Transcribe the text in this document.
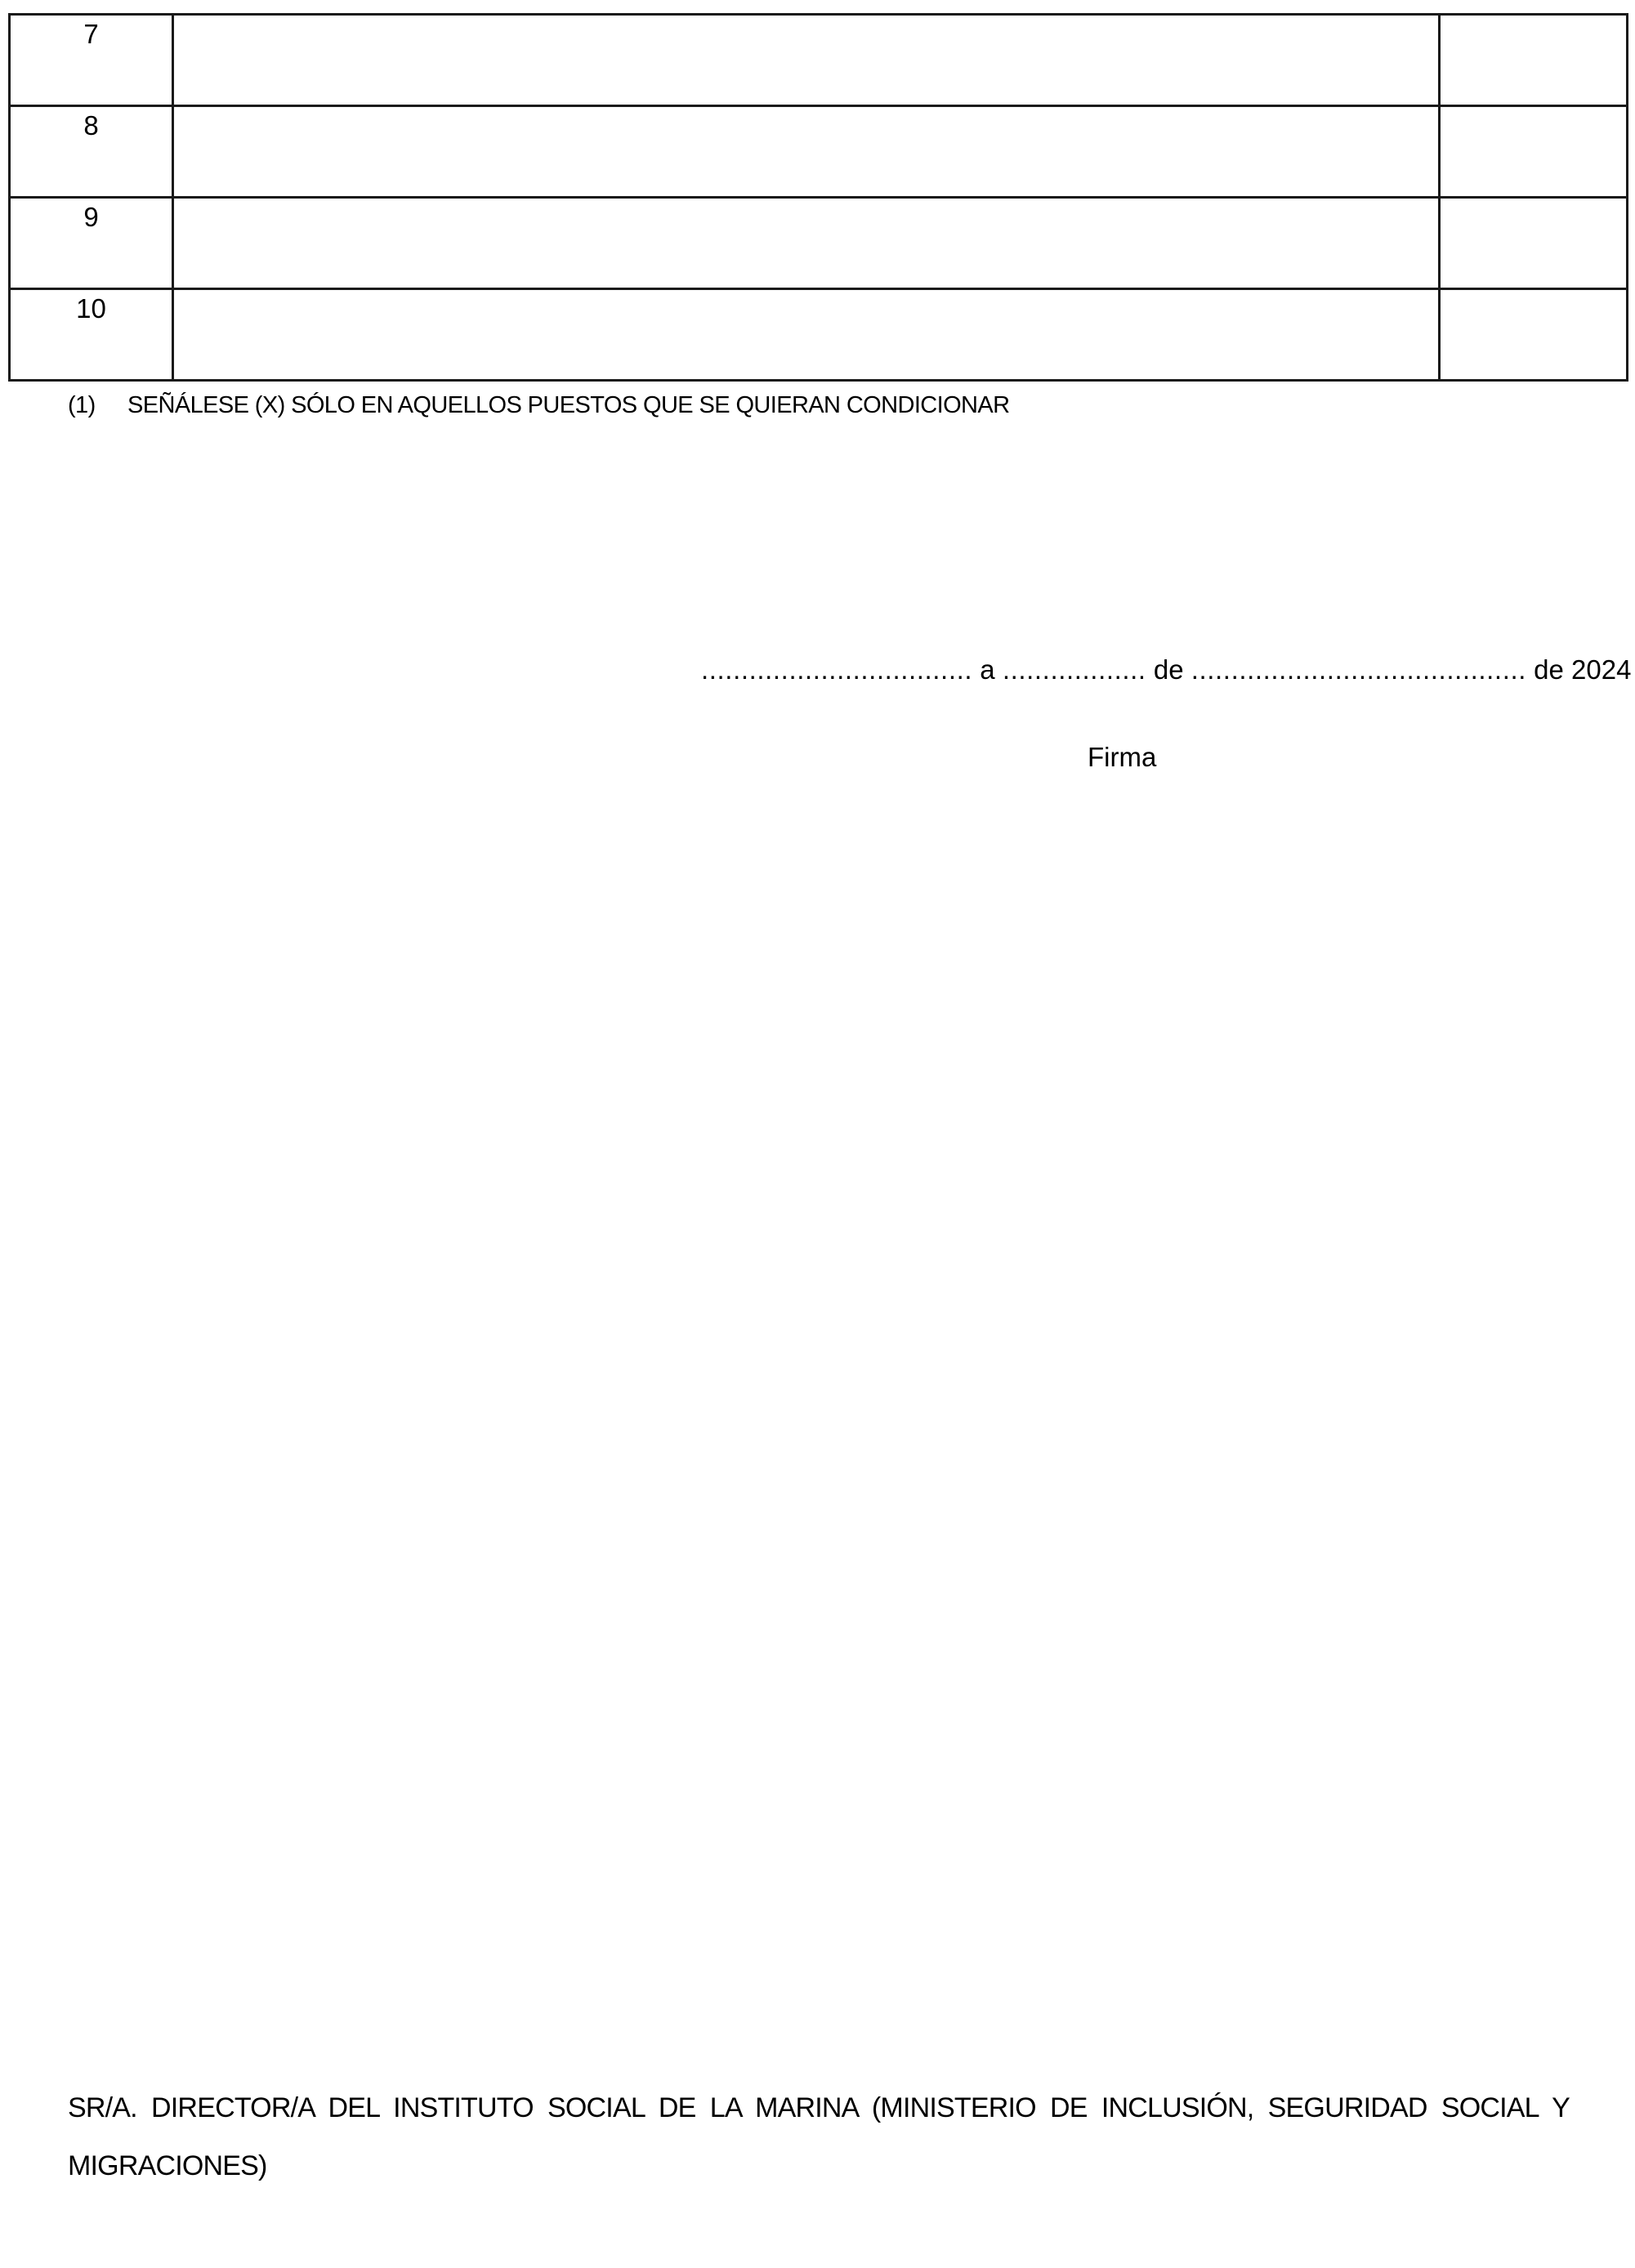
7		
8		
9		
10		
(1) SEÑÁLESE (X) SÓLO EN AQUELLOS PUESTOS QUE SE QUIERAN CONDICIONAR
.................................. a .................. de .......................................... de 2024
Firma
SR/A. DIRECTOR/A DEL INSTITUTO SOCIAL DE LA MARINA (MINISTERIO DE INCLUSIÓN, SEGURIDAD SOCIAL Y
MIGRACIONES)
